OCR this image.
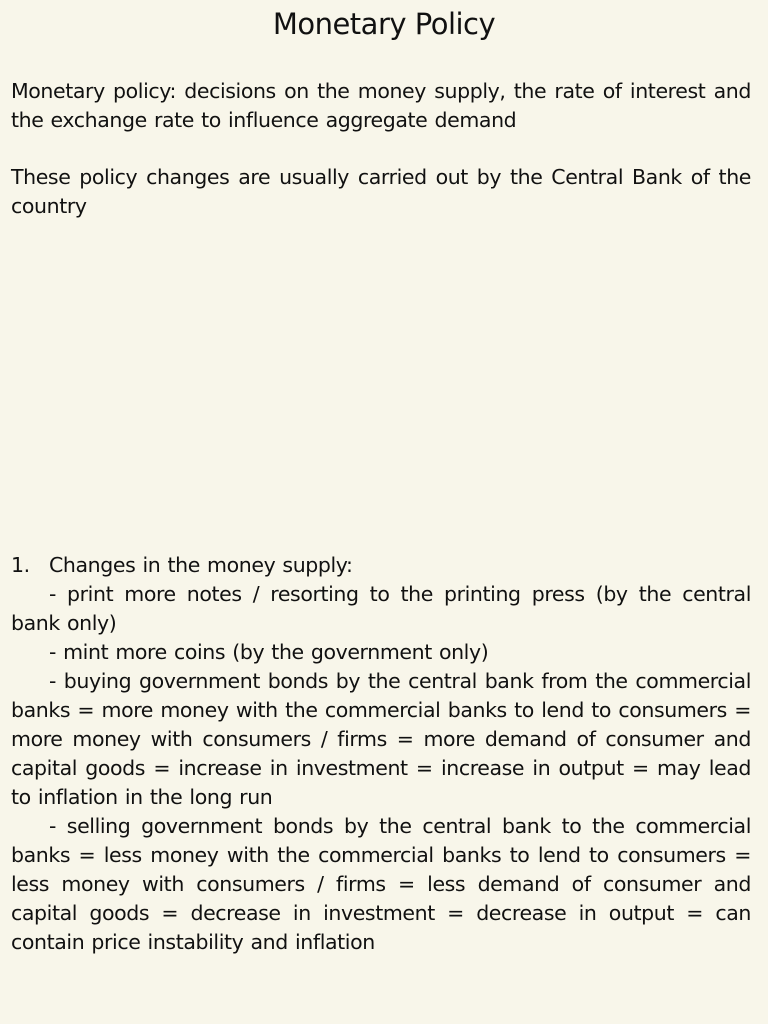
Monetary Policy
Monetary policy: decisions on the money supply, the rate of interest and the exchange rate to influence aggregate demand
These policy changes are usually carried out by the Central Bank of the country
1. Changes in the money supply:
- print more notes / resorting to the printing press (by the central bank only)
- mint more coins (by the government only)
- buying government bonds by the central bank from the commercial banks = more money with the commercial banks to lend to consumers = more money with consumers / firms = more demand of consumer and capital goods = increase in investment = increase in output = may lead to inflation in the long run
- selling government bonds by the central bank to the commercial banks = less money with the commercial banks to lend to consumers = less money with consumers / firms = less demand of consumer and capital goods = decrease in investment = decrease in output = can contain price instability and inflation
